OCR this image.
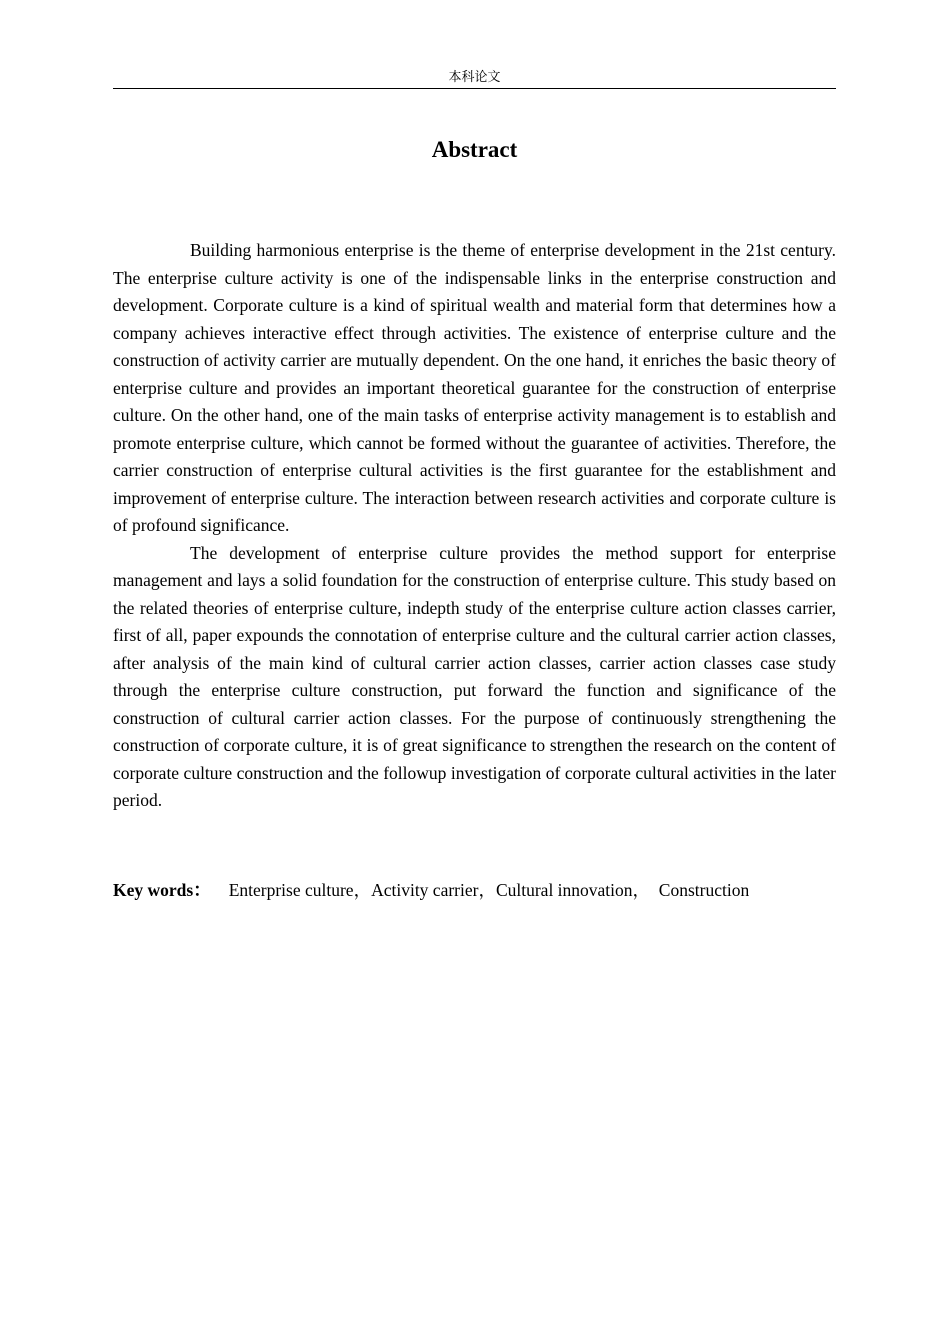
本科论文
Abstract

Building harmonious enterprise is the theme of enterprise development in the 21st century. The enterprise culture activity is one of the indispensable links in the enterprise construction and development. Corporate culture is a kind of spiritual wealth and material form that determines how a company achieves interactive effect through activities. The existence of enterprise culture and the construction of activity carrier are mutually dependent. On the one hand, it enriches the basic theory of enterprise culture and provides an important theoretical guarantee for the construction of enterprise culture. On the other hand, one of the main tasks of enterprise activity management is to establish and promote enterprise culture, which cannot be formed without the guarantee of activities. Therefore, the carrier construction of enterprise cultural activities is the first guarantee for the establishment and improvement of enterprise culture. The interaction between research activities and corporate culture is of profound significance.

The development of enterprise culture provides the method support for enterprise management and lays a solid foundation for the construction of enterprise culture. This study based on the related theories of enterprise culture, indepth study of the enterprise culture action classes carrier, first of all, paper expounds the connotation of enterprise culture and the cultural carrier action classes, after analysis of the main kind of cultural carrier action classes, carrier action classes case study through the enterprise culture construction, put forward the function and significance of the construction of cultural carrier action classes. For the purpose of continuously strengthening the construction of corporate culture, it is of great significance to strengthen the research on the content of corporate culture construction and the followup investigation of corporate cultural activities in the later period.

Key words： Enterprise culture，Activity carrier，Cultural innovation，  Construction
